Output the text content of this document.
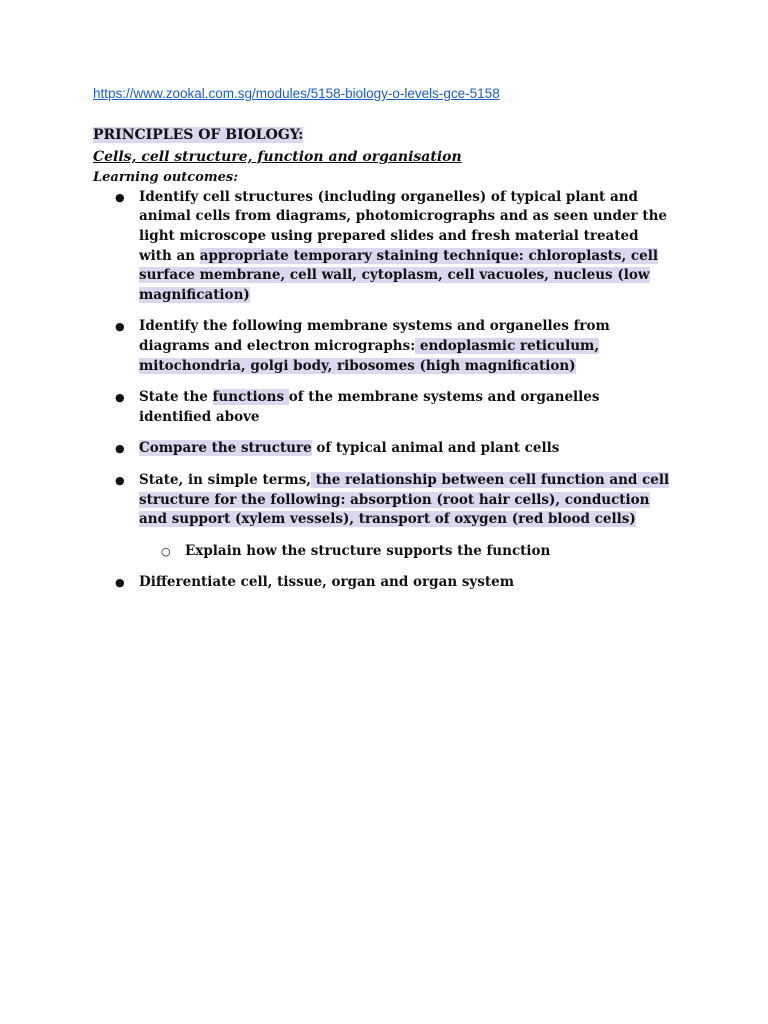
https://www.zookal.com.sg/modules/5158-biology-o-levels-gce-5158

PRINCIPLES OF BIOLOGY:

Cells, cell structure, function and organisation

Learning outcomes:

● Identify cell structures (including organelles) of typical plant and animal cells from diagrams, photomicrographs and as seen under the light microscope using prepared slides and fresh material treated with an appropriate temporary staining technique: chloroplasts, cell surface membrane, cell wall, cytoplasm, cell vacuoles, nucleus (low magnification)
● Identify the following membrane systems and organelles from diagrams and electron micrographs: endoplasmic reticulum, mitochondria, golgi body, ribosomes (high magnification)
● State the functions of the membrane systems and organelles identified above
● Compare the structure of typical animal and plant cells
● State, in simple terms, the relationship between cell function and cell structure for the following: absorption (root hair cells), conduction and support (xylem vessels), transport of oxygen (red blood cells)
○ Explain how the structure supports the function
● Differentiate cell, tissue, organ and organ system
